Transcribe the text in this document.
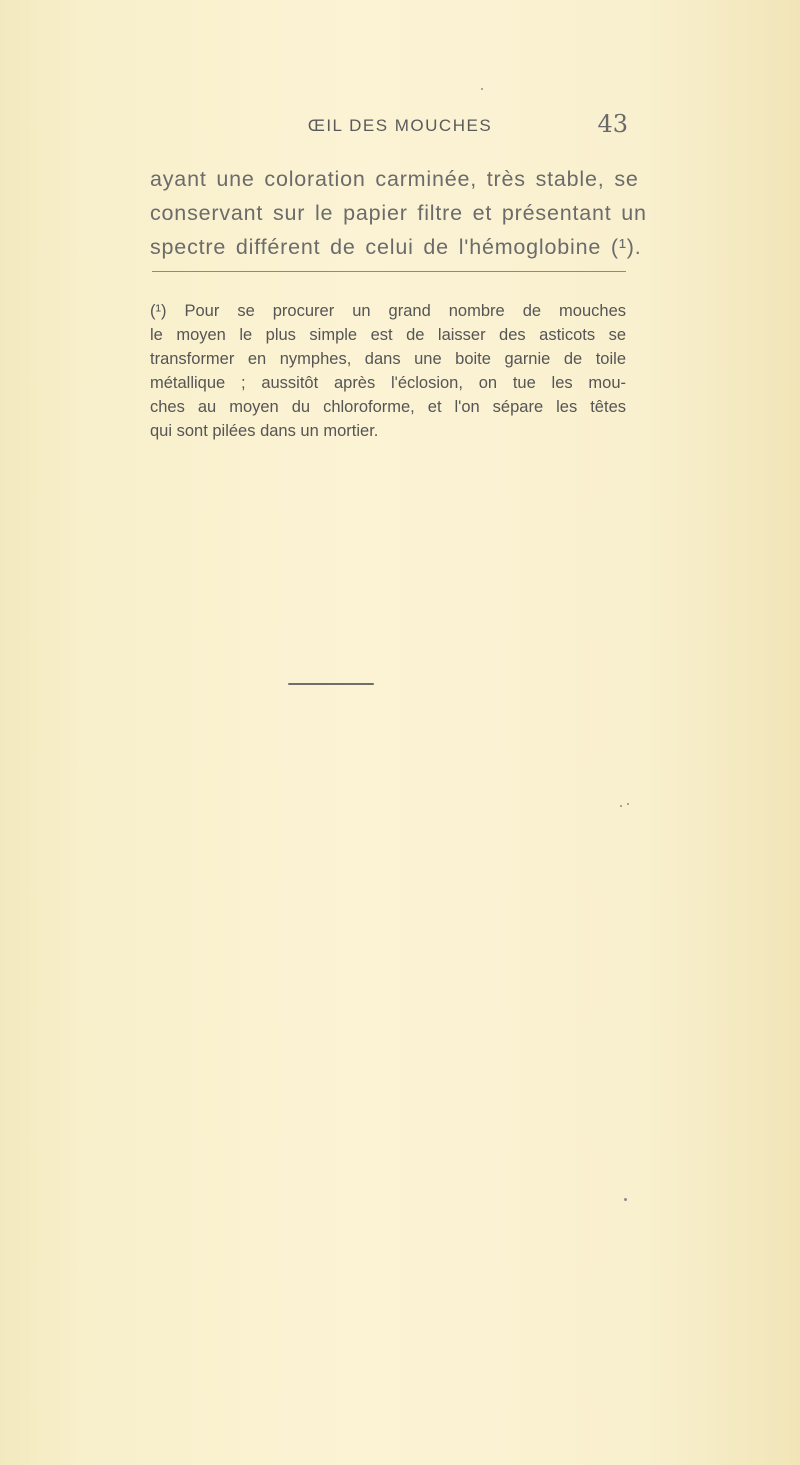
ŒIL DES MOUCHES	43

ayant une coloration carminée, très stable, se
conservant sur le papier filtre et présentant un
spectre différent de celui de l'hémoglobine (¹).

(¹) Pour se procurer un grand nombre de mouches
le moyen le plus simple est de laisser des asticots se
transformer en nymphes, dans une boite garnie de toile
métallique ; aussitôt après l'éclosion, on tue les mou-
ches au moyen du chloroforme, et l'on sépare les têtes
qui sont pilées dans un mortier.
